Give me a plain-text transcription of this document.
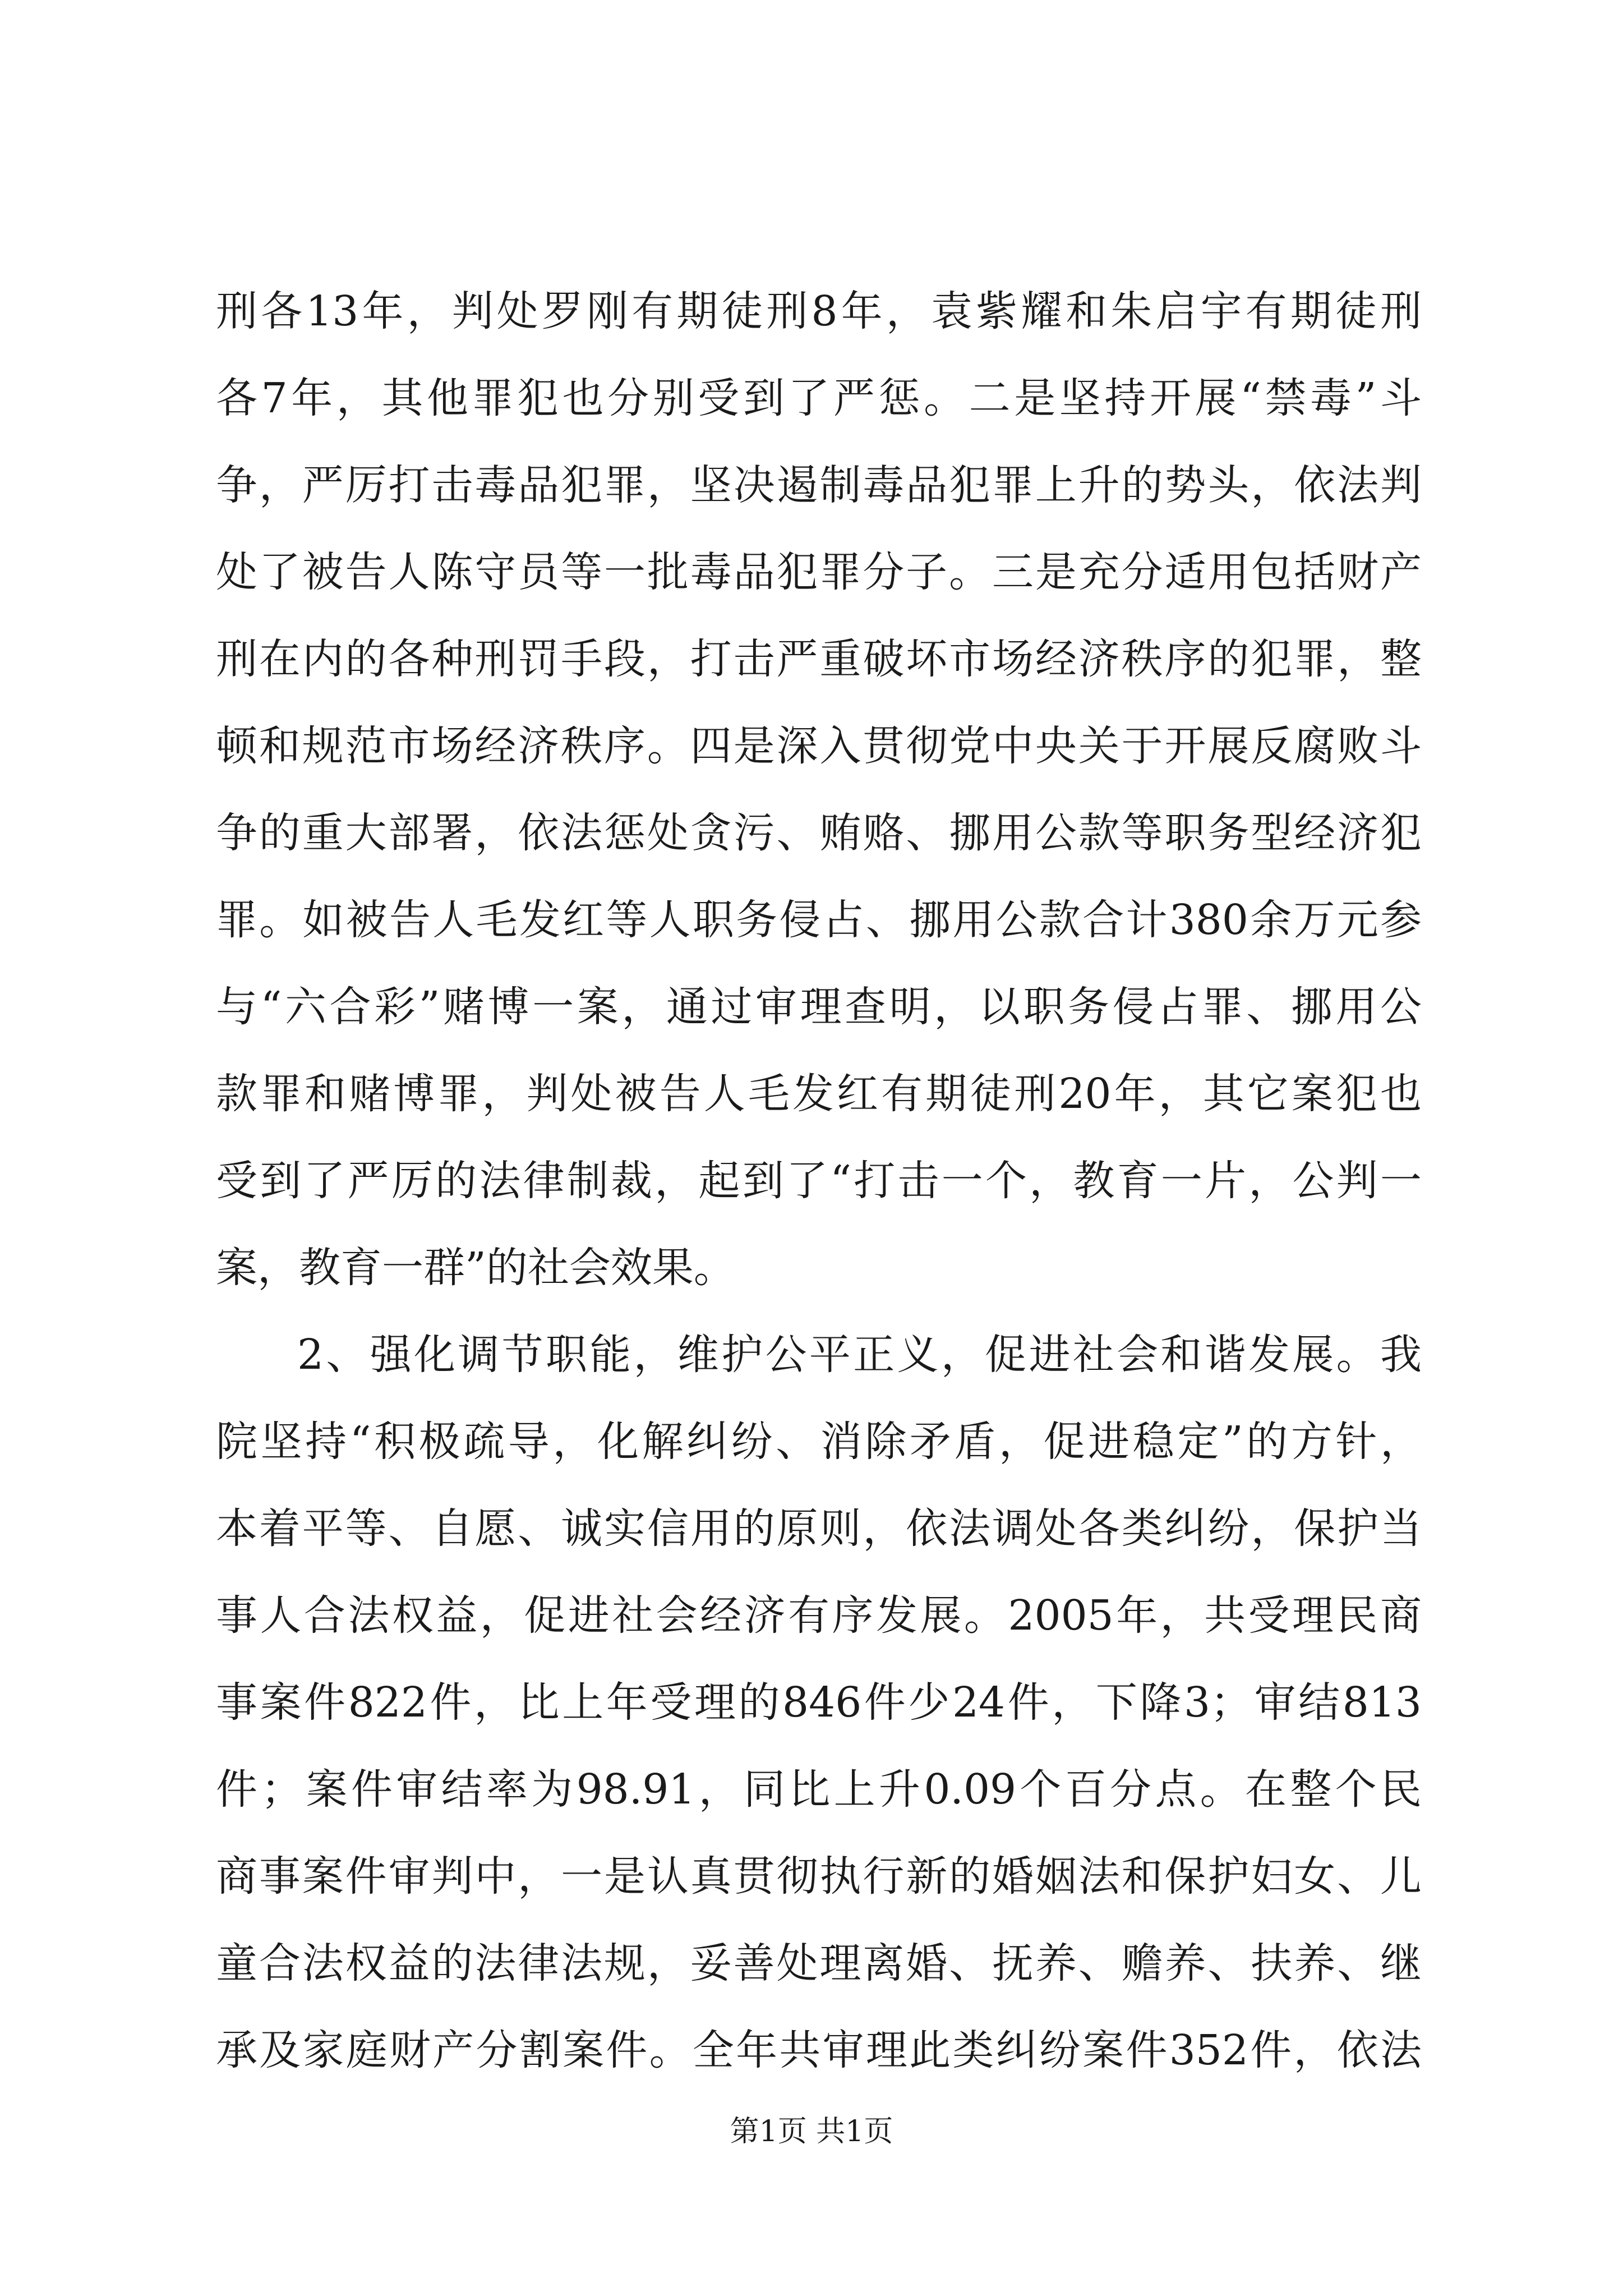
刑各13年，判处罗刚有期徒刑8年，袁紫耀和朱启宇有期徒刑
各7年，其他罪犯也分别受到了严惩。二是坚持开展“禁毒”斗
争，严厉打击毒品犯罪，坚决遏制毒品犯罪上升的势头，依法判
处了被告人陈守员等一批毒品犯罪分子。三是充分适用包括财产
刑在内的各种刑罚手段，打击严重破坏市场经济秩序的犯罪，整
顿和规范市场经济秩序。四是深入贯彻党中央关于开展反腐败斗
争的重大部署，依法惩处贪污、贿赂、挪用公款等职务型经济犯
罪。如被告人毛发红等人职务侵占、挪用公款合计380余万元参
与“六合彩”赌博一案，通过审理查明，以职务侵占罪、挪用公
款罪和赌博罪，判处被告人毛发红有期徒刑20年，其它案犯也
受到了严厉的法律制裁，起到了“打击一个，教育一片，公判一
案，教育一群”的社会效果。
2、强化调节职能，维护公平正义，促进社会和谐发展。我
院坚持“积极疏导，化解纠纷、消除矛盾，促进稳定”的方针，
本着平等、自愿、诚实信用的原则，依法调处各类纠纷，保护当
事人合法权益，促进社会经济有序发展。2005年，共受理民商
事案件822件，比上年受理的846件少24件，下降3；审结813
件；案件审结率为98.91，同比上升0.09个百分点。在整个民
商事案件审判中，一是认真贯彻执行新的婚姻法和保护妇女、儿
童合法权益的法律法规，妥善处理离婚、抚养、赡养、扶养、继
承及家庭财产分割案件。全年共审理此类纠纷案件352件，依法
第1页 共1页
